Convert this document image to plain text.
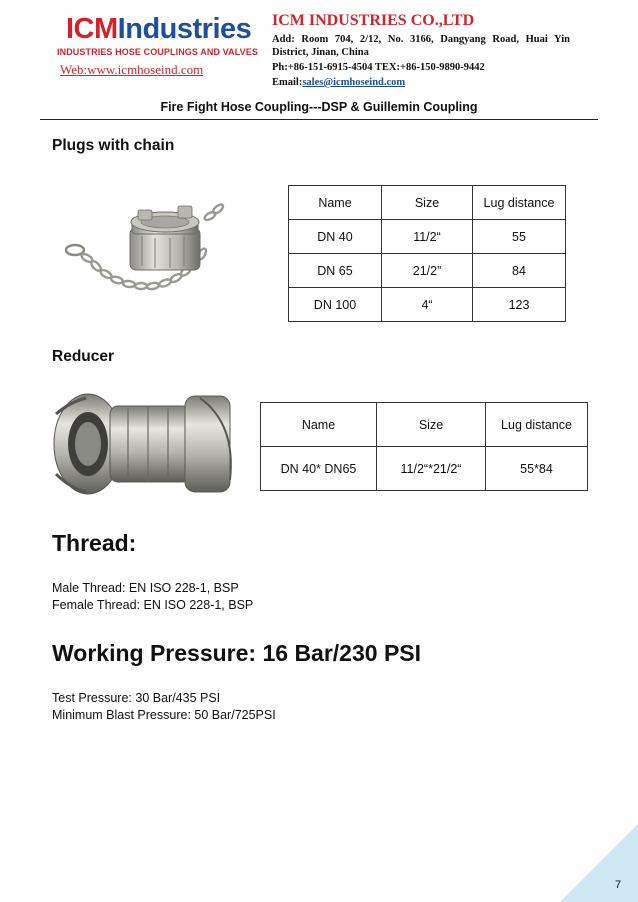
ICMIndustries
INDUSTRIES HOSE COUPLINGS AND VALVES
Web:www.icmhoseind.com
ICM INDUSTRIES CO.,LTD
Add: Room 704, 2/12, No. 3166, Dangyang Road, Huai Yin
District, Jinan, China
Ph:+86-151-6915-4504 TEX:+86-150-9890-9442
Email:sales@icmhoseind.com
Fire Fight Hose Coupling---DSP & Guillemin Coupling
Plugs with chain
Name	Size	Lug distance
DN 40	11/2“	55
DN 65	21/2”	84
DN 100	4“	123
Reducer
Name	Size	Lug distance
DN 40* DN65	11/2“*21/2“	55*84
Thread:
Male Thread: EN ISO 228-1, BSP
Female Thread: EN ISO 228-1, BSP
Working Pressure: 16 Bar/230 PSI
Test Pressure: 30 Bar/435 PSI
Minimum Blast Pressure: 50 Bar/725PSI
7
